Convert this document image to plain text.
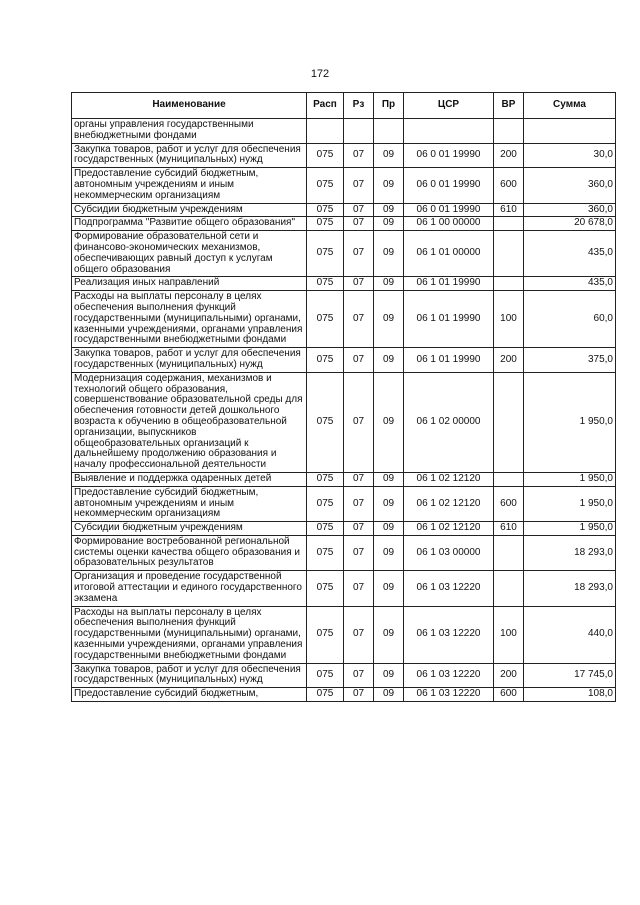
172
Наименование	Расп	Рз	Пр	ЦСР	ВР	Сумма
органы управления государственными внебюджетными фондами						
Закупка товаров, работ и услуг для обеспечения государственных (муниципальных) нужд	075	07	09	06 0 01 19990	200	30,0
Предоставление субсидий бюджетным, автономным учреждениям и иным некоммерческим организациям	075	07	09	06 0 01 19990	600	360,0
Субсидии бюджетным учреждениям	075	07	09	06 0 01 19990	610	360,0
Подпрограмма "Развитие общего образования"	075	07	09	06 1 00 00000		20 678,0
Формирование образовательной сети и финансово-экономических механизмов, обеспечивающих равный доступ к услугам общего образования	075	07	09	06 1 01 00000		435,0
Реализация иных направлений	075	07	09	06 1 01 19990		435,0
Расходы на выплаты персоналу в целях обеспечения выполнения функций государственными (муниципальными) органами, казенными учреждениями, органами управления государственными внебюджетными фондами	075	07	09	06 1 01 19990	100	60,0
Закупка товаров, работ и услуг для обеспечения государственных (муниципальных) нужд	075	07	09	06 1 01 19990	200	375,0
Модернизация содержания, механизмов и технологий общего образования, совершенствование образовательной среды для обеспечения готовности детей дошкольного возраста к обучению в общеобразовательной организации, выпускников общеобразовательных организаций к дальнейшему продолжению образования и началу профессиональной деятельности	075	07	09	06 1 02 00000		1 950,0
Выявление и поддержка одаренных детей	075	07	09	06 1 02 12120		1 950,0
Предоставление субсидий бюджетным, автономным учреждениям и иным некоммерческим организациям	075	07	09	06 1 02 12120	600	1 950,0
Субсидии бюджетным учреждениям	075	07	09	06 1 02 12120	610	1 950,0
Формирование востребованной региональной системы оценки качества общего образования и образовательных результатов	075	07	09	06 1 03 00000		18 293,0
Организация и проведение государственной итоговой аттестации и единого государственного экзамена	075	07	09	06 1 03 12220		18 293,0
Расходы на выплаты персоналу в целях обеспечения выполнения функций государственными (муниципальными) органами, казенными учреждениями, органами управления государственными внебюджетными фондами	075	07	09	06 1 03 12220	100	440,0
Закупка товаров, работ и услуг для обеспечения государственных (муниципальных) нужд	075	07	09	06 1 03 12220	200	17 745,0
Предоставление субсидий бюджетным,	075	07	09	06 1 03 12220	600	108,0
